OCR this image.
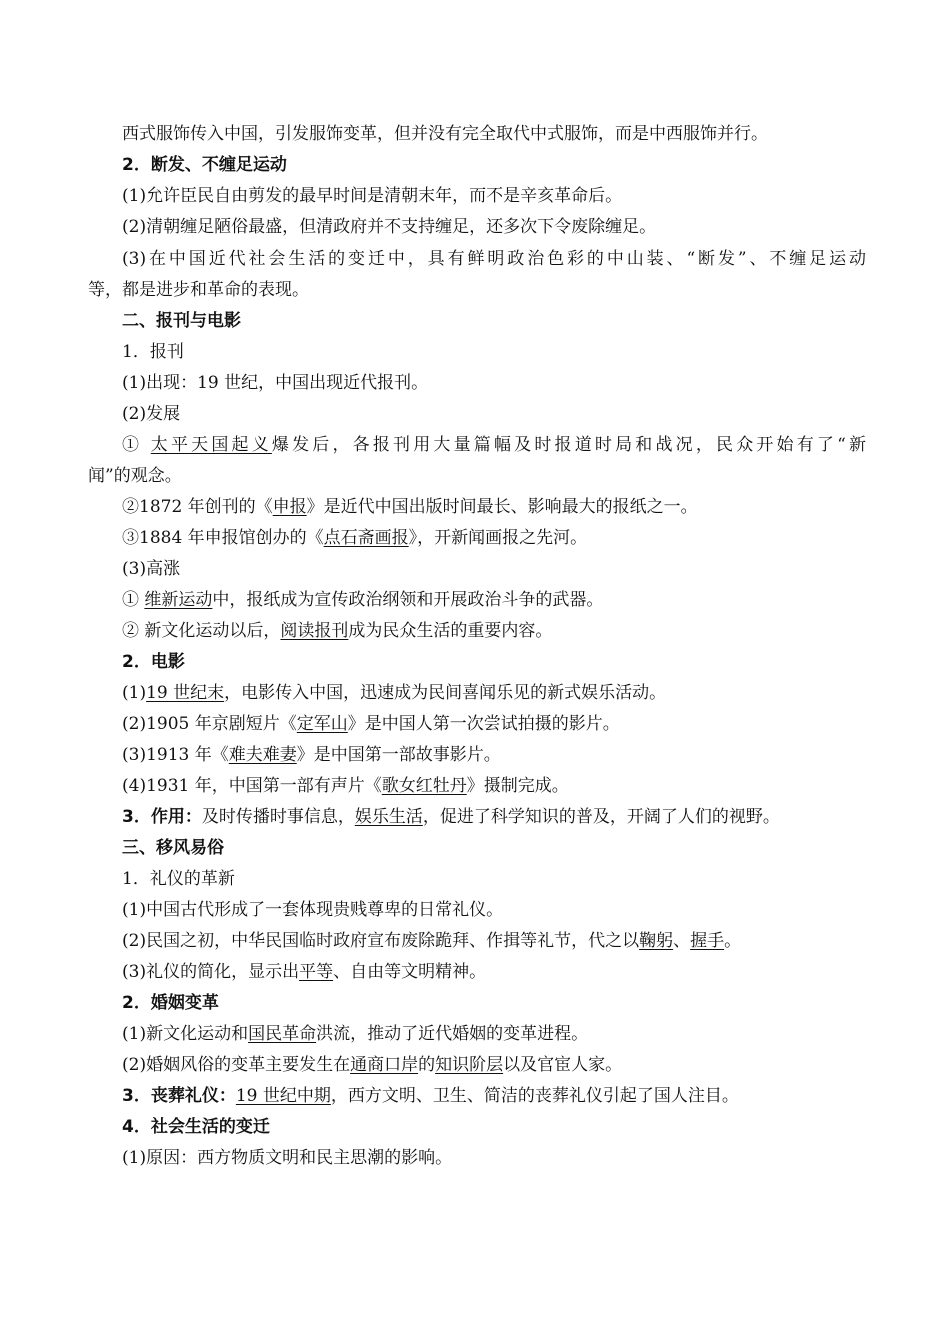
西式服饰传入中国，引发服饰变革，但并没有完全取代中式服饰，而是中西服饰并行。
2．断发、不缠足运动
(1)允许臣民自由剪发的最早时间是清朝末年，而不是辛亥革命后。
(2)清朝缠足陋俗最盛，但清政府并不支持缠足，还多次下令废除缠足。
(3)在中国近代社会生活的变迁中，具有鲜明政治色彩的中山装、“断发”、不缠足运动
等，都是进步和革命的表现。
二、报刊与电影
1．报刊
(1)出现：19 世纪，中国出现近代报刊。
(2)发展
① 太平天国起义爆发后，各报刊用大量篇幅及时报道时局和战况，民众开始有了“新
闻”的观念。
②1872 年创刊的《申报》是近代中国出版时间最长、影响最大的报纸之一。
③1884 年申报馆创办的《点石斋画报》，开新闻画报之先河。
(3)高涨
① 维新运动中，报纸成为宣传政治纲领和开展政治斗争的武器。
② 新文化运动以后，阅读报刊成为民众生活的重要内容。
2．电影
(1)19 世纪末，电影传入中国，迅速成为民间喜闻乐见的新式娱乐活动。
(2)1905 年京剧短片《定军山》是中国人第一次尝试拍摄的影片。
(3)1913 年《难夫难妻》是中国第一部故事影片。
(4)1931 年，中国第一部有声片《歌女红牡丹》摄制完成。
3．作用：及时传播时事信息，娱乐生活，促进了科学知识的普及，开阔了人们的视野。
三、移风易俗
1．礼仪的革新
(1)中国古代形成了一套体现贵贱尊卑的日常礼仪。
(2)民国之初，中华民国临时政府宣布废除跪拜、作揖等礼节，代之以鞠躬、握手。
(3)礼仪的简化，显示出平等、自由等文明精神。
2．婚姻变革
(1)新文化运动和国民革命洪流，推动了近代婚姻的变革进程。
(2)婚姻风俗的变革主要发生在通商口岸的知识阶层以及官宦人家。
3．丧葬礼仪：19 世纪中期，西方文明、卫生、简洁的丧葬礼仪引起了国人注目。
4．社会生活的变迁
(1)原因：西方物质文明和民主思潮的影响。
